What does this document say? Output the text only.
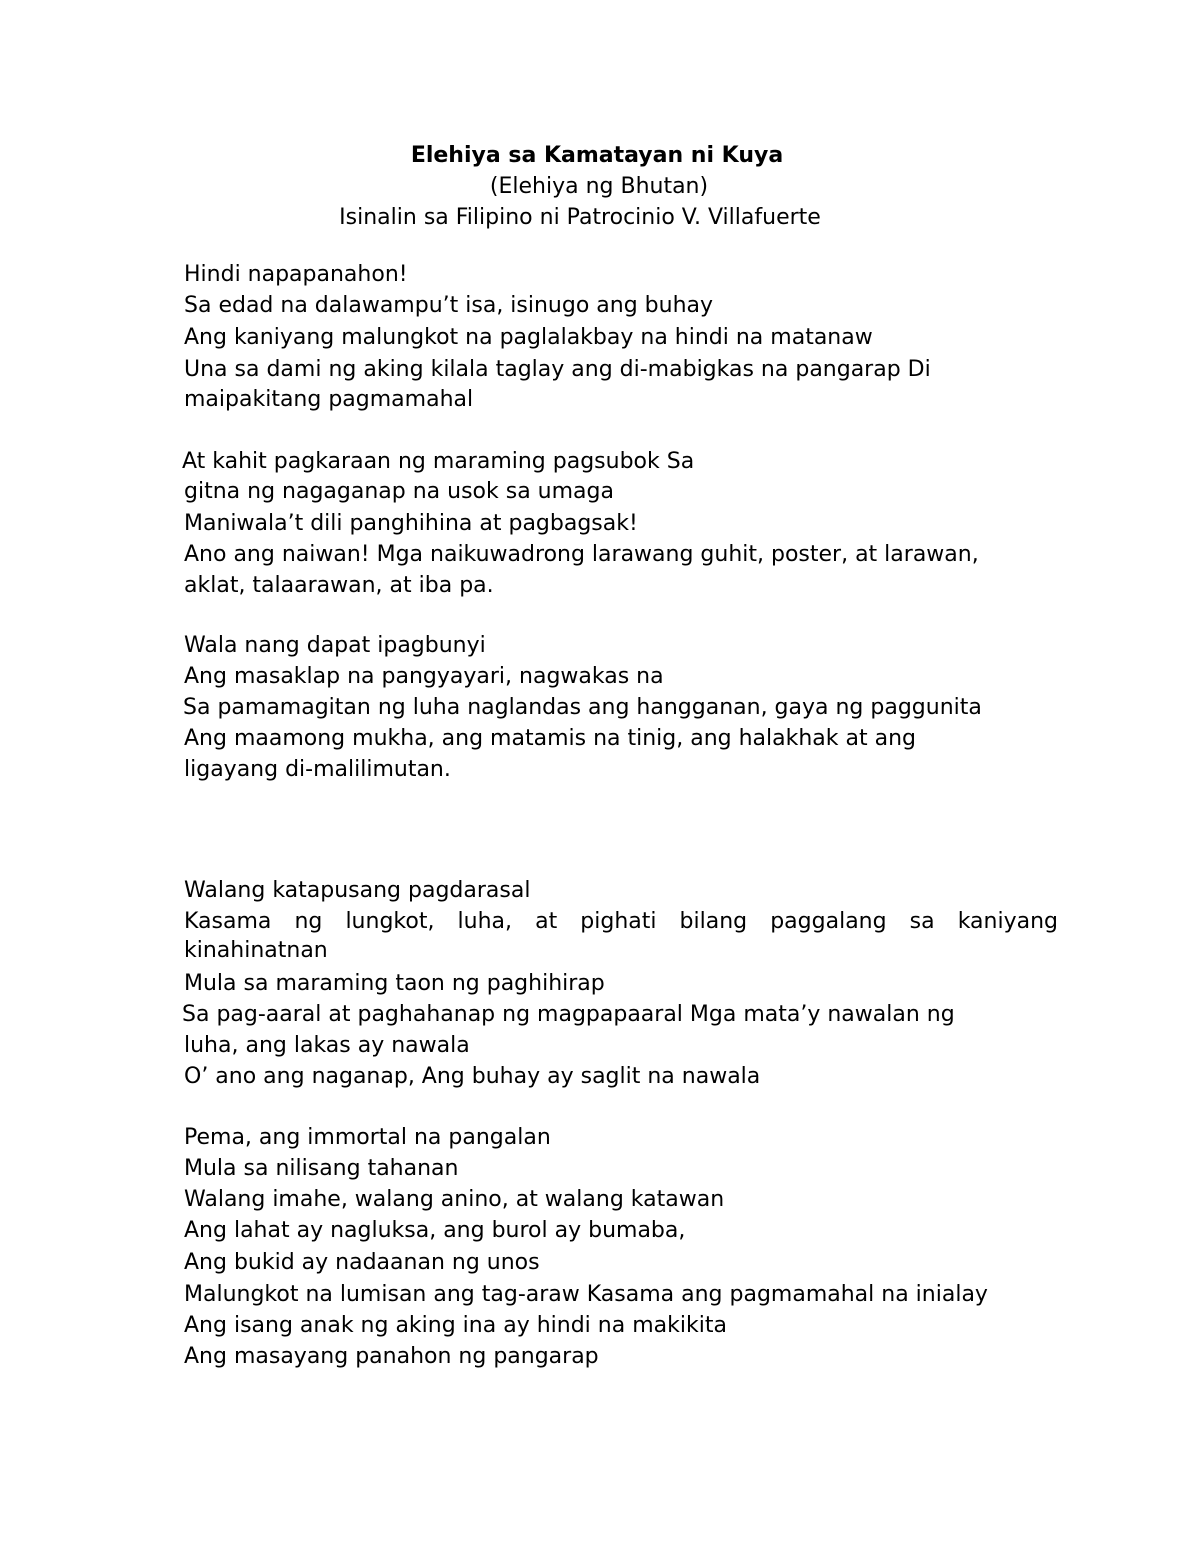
Elehiya sa Kamatayan ni Kuya
(Elehiya ng Bhutan)
Isinalin sa Filipino ni Patrocinio V. Villafuerte
Hindi napapanahon!
Sa edad na dalawampu’t isa, isinugo ang buhay
Ang kaniyang malungkot na paglalakbay na hindi na matanaw
Una sa dami ng aking kilala taglay ang di-mabigkas na pangarap Di
maipakitang pagmamahal
At kahit pagkaraan ng maraming pagsubok Sa
gitna ng nagaganap na usok sa umaga
Maniwala’t dili panghihina at pagbagsak!
Ano ang naiwan! Mga naikuwadrong larawang guhit, poster, at larawan,
aklat, talaarawan, at iba pa.
Wala nang dapat ipagbunyi
Ang masaklap na pangyayari, nagwakas na
Sa pamamagitan ng luha naglandas ang hangganan, gaya ng paggunita
Ang maamong mukha, ang matamis na tinig, ang halakhak at ang
ligayang di-malilimutan.
Walang katapusang pagdarasal
Kasama ng lungkot, luha, at pighati bilang paggalang sa kaniyang
kinahinatnan
Mula sa maraming taon ng paghihirap
Sa pag-aaral at paghahanap ng magpapaaral Mga mata’y nawalan ng
luha, ang lakas ay nawala
O’ ano ang naganap, Ang buhay ay saglit na nawala
Pema, ang immortal na pangalan
Mula sa nilisang tahanan
Walang imahe, walang anino, at walang katawan
Ang lahat ay nagluksa, ang burol ay bumaba,
Ang bukid ay nadaanan ng unos
Malungkot na lumisan ang tag-araw Kasama ang pagmamahal na inialay
Ang isang anak ng aking ina ay hindi na makikita
Ang masayang panahon ng pangarap
